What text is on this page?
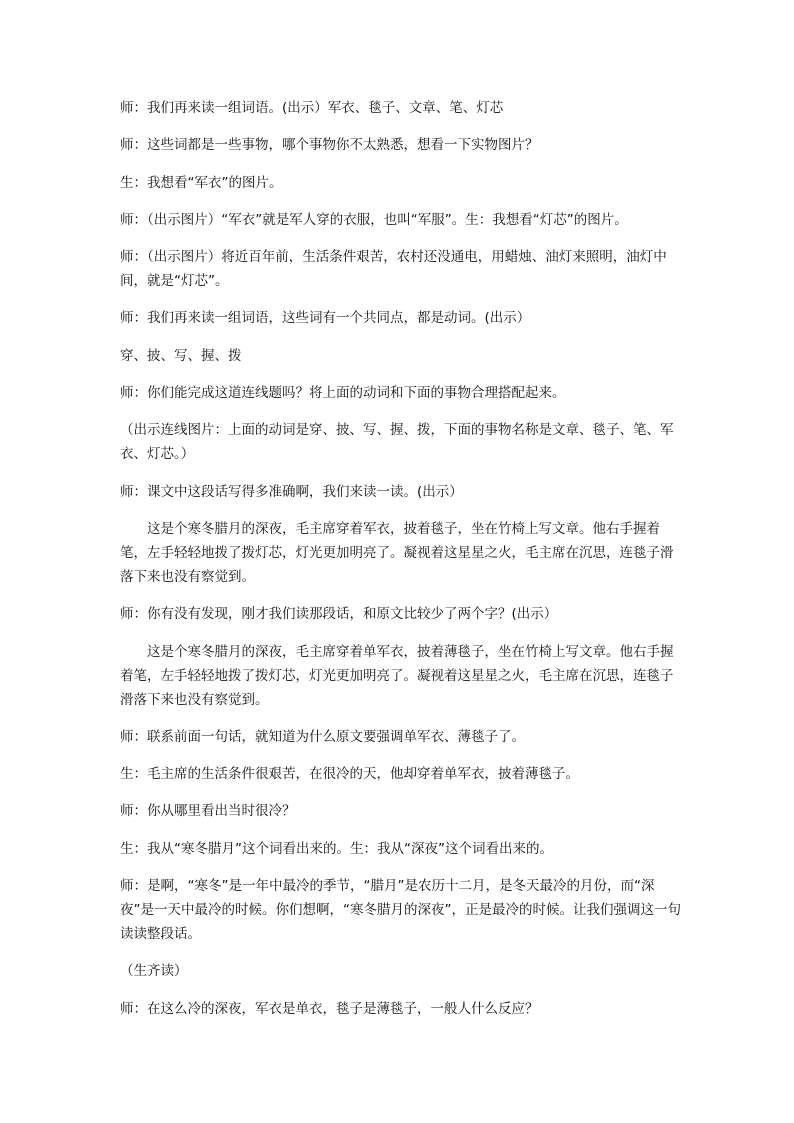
师：我们再来读一组词语。(出示）军衣、毯子、文章、笔、灯芯

师：这些词都是一些事物，哪个事物你不太熟悉，想看一下实物图片？

生：我想看“军衣”的图片。

师：（出示图片）“军衣”就是军人穿的衣服，也叫“军服”。生：我想看“灯芯”的图片。

师：（出示图片）将近百年前，生活条件艰苦，农村还没通电，用蜡烛、油灯来照明，油灯中间，就是“灯芯”。

师：我们再来读一组词语，这些词有一个共同点，都是动词。(出示）

穿、披、写、握、拨

师：你们能完成这道连线题吗？将上面的动词和下面的事物合理搭配起来。

（出示连线图片：上面的动词是穿、披、写、握、拨，下面的事物名称是文章、毯子、笔、军衣、灯芯。）

师：课文中这段话写得多准确啊，我们来读一读。(出示）

这是个寒冬腊月的深夜，毛主席穿着军衣，披着毯子，坐在竹椅上写文章。他右手握着笔，左手轻轻地拨了拨灯芯，灯光更加明亮了。凝视着这星星之火，毛主席在沉思，连毯子滑落下来也没有察觉到。

师：你有没有发现，刚才我们读那段话，和原文比较少了两个字？(出示）

这是个寒冬腊月的深夜，毛主席穿着单军衣，披着薄毯子，坐在竹椅上写文章。他右手握着笔，左手轻轻地拨了拨灯芯，灯光更加明亮了。凝视着这星星之火，毛主席在沉思，连毯子滑落下来也没有察觉到。

师：联系前面一句话，就知道为什么原文要强调单军衣、薄毯子了。

生：毛主席的生活条件很艰苦，在很冷的天，他却穿着单军衣，披着薄毯子。

师：你从哪里看出当时很冷？

生：我从“寒冬腊月”这个词看出来的。生：我从“深夜”这个词看出来的。

师：是啊，“寒冬”是一年中最冷的季节，“腊月”是农历十二月，是冬天最冷的月份，而“深夜”是一天中最冷的时候。你们想啊，“寒冬腊月的深夜”，正是最冷的时候。让我们强调这一句读读整段话。

（生齐读）

师：在这么冷的深夜，军衣是单衣，毯子是薄毯子，一般人什么反应？
